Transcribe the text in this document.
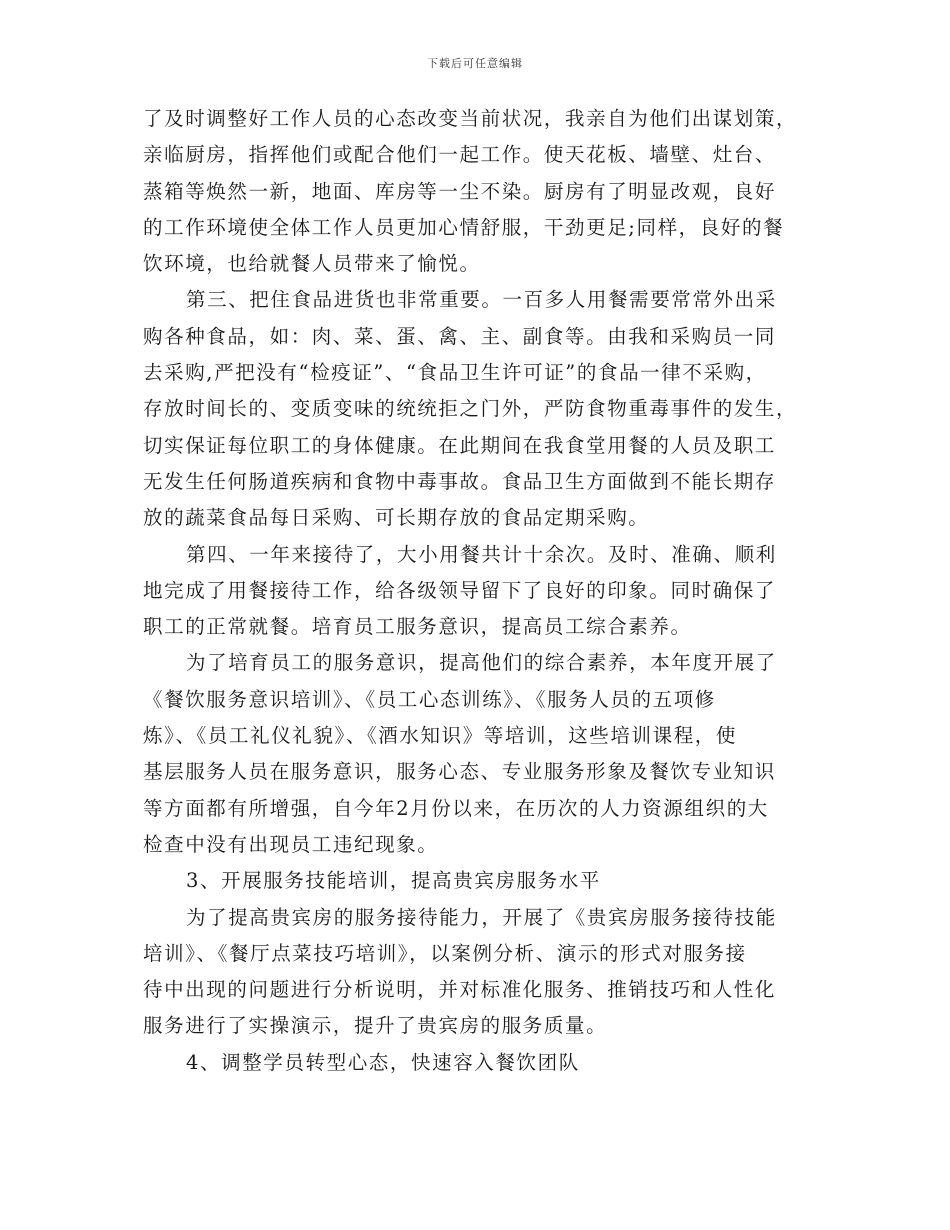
下载后可任意编辑
了及时调整好工作人员的心态改变当前状况，我亲自为他们出谋划策，
亲临厨房，指挥他们或配合他们一起工作。使天花板、墙壁、灶台、
蒸箱等焕然一新，地面、库房等一尘不染。厨房有了明显改观，良好
的工作环境使全体工作人员更加心情舒服，干劲更足;同样，良好的餐
饮环境，也给就餐人员带来了愉悦。
第三、把住食品进货也非常重要。一百多人用餐需要常常外出采
购各种食品，如：肉、菜、蛋、禽、主、副食等。由我和采购员一同
去采购,严把没有“检疫证”、“食品卫生许可证”的食品一律不采购，
存放时间长的、变质变味的统统拒之门外，严防食物重毒事件的发生，
切实保证每位职工的身体健康。在此期间在我食堂用餐的人员及职工
无发生任何肠道疾病和食物中毒事故。食品卫生方面做到不能长期存
放的蔬菜食品每日采购、可长期存放的食品定期采购。
第四、一年来接待了，大小用餐共计十余次。及时、准确、顺利
地完成了用餐接待工作，给各级领导留下了良好的印象。同时确保了
职工的正常就餐。培育员工服务意识，提高员工综合素养。
为了培育员工的服务意识，提高他们的综合素养，本年度开展了
《餐饮服务意识培训》、《员工心态训练》、《服务人员的五项修
炼》、《员工礼仪礼貌》、《酒水知识》等培训，这些培训课程，使
基层服务人员在服务意识，服务心态、专业服务形象及餐饮专业知识
等方面都有所增强，自今年2月份以来，在历次的人力资源组织的大
检查中没有出现员工违纪现象。
3、开展服务技能培训，提高贵宾房服务水平
为了提高贵宾房的服务接待能力，开展了《贵宾房服务接待技能
培训》、《餐厅点菜技巧培训》，以案例分析、演示的形式对服务接
待中出现的问题进行分析说明，并对标准化服务、推销技巧和人性化
服务进行了实操演示，提升了贵宾房的服务质量。
4、调整学员转型心态，快速容入餐饮团队
